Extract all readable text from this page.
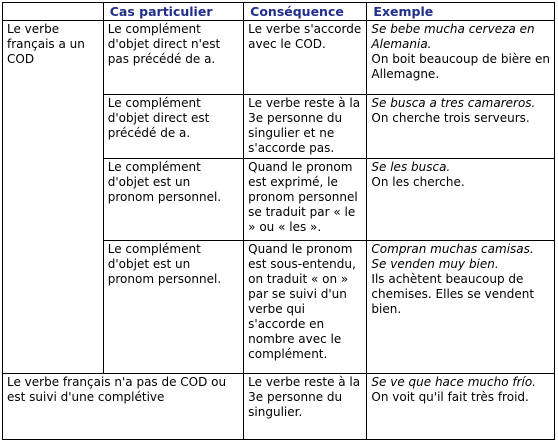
	Cas particulier	Conséquence	Exemple
Le verbe français a un COD	Le complément d'objet direct n'est pas précédé de a.	Le verbe s'accorde avec le COD.	Se bebe mucha cerveza en Alemania.
On boit beaucoup de bière en Allemagne.

	Le complément d'objet direct est précédé de a.	Le verbe reste à la 3e personne du singulier et ne s'accorde pas.	Se busca a tres camareros.
On cherche trois serveurs.

	Le complément d'objet est un pronom personnel.	Quand le pronom est exprimé, le pronom personnel se traduit par « le » ou « les ».	Se les busca.
On les cherche.

	Le complément d'objet est un pronom personnel.	Quand le pronom est sous-entendu, on traduit « on » par se suivi d'un verbe qui s'accorde en nombre avec le complément.	Compran muchas camisas. Se venden muy bien.
Ils achètent beaucoup de chemises. Elles se vendent bien.

Le verbe français n'a pas de COD ou est suivi d'une complétive		Le verbe reste à la 3e personne du singulier.	Se ve que hace mucho frío.
On voit qu'il fait très froid.
